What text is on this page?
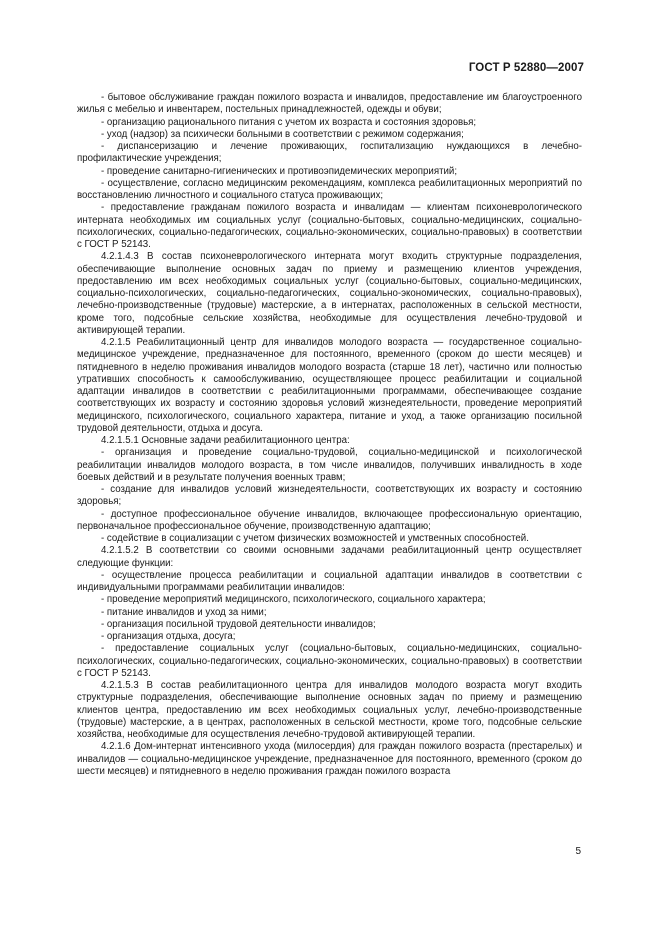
ГОСТ Р 52880—2007

- бытовое обслуживание граждан пожилого возраста и инвалидов, предоставление им благоустроенного жилья с мебелью и инвентарем, постельных принадлежностей, одежды и обуви;

- организацию рационального питания с учетом их возраста и состояния здоровья;

- уход (надзор) за психически больными в соответствии с режимом содержания;

- диспансеризацию и лечение проживающих, госпитализацию нуждающихся в лечебно-профилактические учреждения;

- проведение санитарно-гигиенических и противоэпидемических мероприятий;

- осуществление, согласно медицинским рекомендациям, комплекса реабилитационных мероприятий по восстановлению личностного и социального статуса проживающих;

- предоставление гражданам пожилого возраста и инвалидам — клиентам психоневрологического интерната необходимых им социальных услуг (социально-бытовых, социально-медицинских, социально-психологических, социально-педагогических, социально-экономических, социально-правовых) в соответствии с ГОСТ Р 52143.

4.2.1.4.3 В состав психоневрологического интерната могут входить структурные подразделения, обеспечивающие выполнение основных задач по приему и размещению клиентов учреждения, предоставлению им всех необходимых социальных услуг (социально-бытовых, социально-медицинских, социально-психологических, социально-педагогических, социально-экономических, социально-правовых), лечебно-производственные (трудовые) мастерские, а в интернатах, расположенных в сельской местности, кроме того, подсобные сельские хозяйства, необходимые для осуществления лечебно-трудовой и активирующей терапии.

4.2.1.5 Реабилитационный центр для инвалидов молодого возраста — государственное социально-медицинское учреждение, предназначенное для постоянного, временного (сроком до шести месяцев) и пятидневного в неделю проживания инвалидов молодого возраста (старше 18 лет), частично или полностью утративших способность к самообслуживанию, осуществляющее процесс реабилитации и социальной адаптации инвалидов в соответствии с реабилитационными программами, обеспечивающее создание соответствующих их возрасту и состоянию здоровья условий жизнедеятельности, проведение мероприятий медицинского, психологического, социального характера, питание и уход, а также организацию посильной трудовой деятельности, отдыха и досуга.

4.2.1.5.1 Основные задачи реабилитационного центра:

- организация и проведение социально-трудовой, социально-медицинской и психологической реабилитации инвалидов молодого возраста, в том числе инвалидов, получивших инвалидность в ходе боевых действий и в результате получения военных травм;

- создание для инвалидов условий жизнедеятельности, соответствующих их возрасту и состоянию здоровья;

- доступное профессиональное обучение инвалидов, включающее профессиональную ориентацию, первоначальное профессиональное обучение, производственную адаптацию;

- содействие в социализации с учетом физических возможностей и умственных способностей.

4.2.1.5.2 В соответствии со своими основными задачами реабилитационный центр осуществляет следующие функции:

- осуществление процесса реабилитации и социальной адаптации инвалидов в соответствии с индивидуальными программами реабилитации инвалидов:

- проведение мероприятий медицинского, психологического, социального характера;

- питание инвалидов и уход за ними;

- организация посильной трудовой деятельности инвалидов;

- организация отдыха, досуга;

- предоставление социальных услуг (социально-бытовых, социально-медицинских, социально-психологических, социально-педагогических, социально-экономических, социально-правовых) в соответствии с ГОСТ Р 52143.

4.2.1.5.3 В состав реабилитационного центра для инвалидов молодого возраста могут входить структурные подразделения, обеспечивающие выполнение основных задач по приему и размещению клиентов центра, предоставлению им всех необходимых социальных услуг, лечебно-производственные (трудовые) мастерские, а в центрах, расположенных в сельской местности, кроме того, подсобные сельские хозяйства, необходимые для осуществления лечебно-трудовой активирующей терапии.

4.2.1.6 Дом-интернат интенсивного ухода (милосердия) для граждан пожилого возраста (престарелых) и инвалидов — социально-медицинское учреждение, предназначенное для постоянного, временного (сроком до шести месяцев) и пятидневного в неделю проживания граждан пожилого возраста

5
